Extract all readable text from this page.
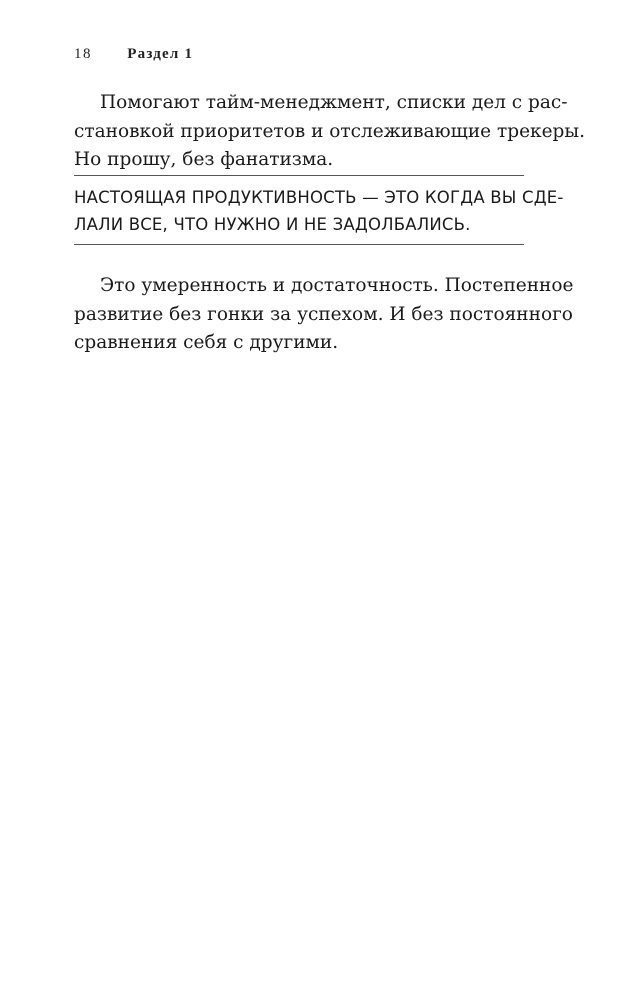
18 Раздел 1

Помогают тайм-менеджмент, списки дел с рас-
становкой приоритетов и отслеживающие трекеры.
Но прошу, без фанатизма.

НАСТОЯЩАЯ ПРОДУКТИВНОСТЬ — ЭТО КОГДА ВЫ СДЕ-
ЛАЛИ ВСЕ, ЧТО НУЖНО И НЕ ЗАДОЛБАЛИСЬ.

Это умеренность и достаточность. Постепенное
развитие без гонки за успехом. И без постоянного
сравнения себя с другими.
